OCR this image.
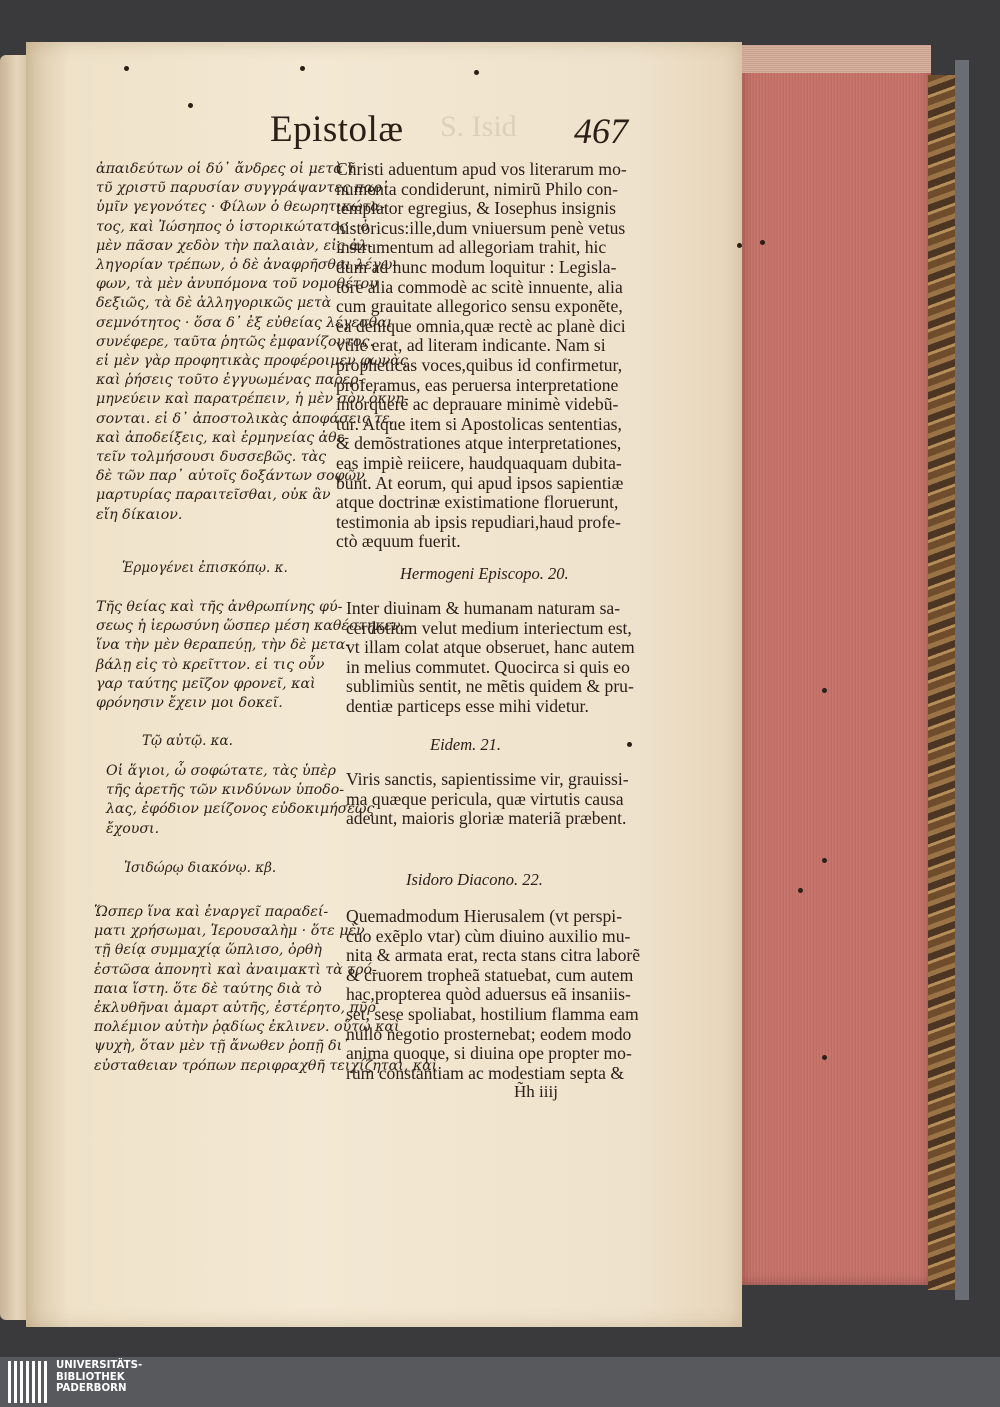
S. Isid

Epistolæ	467

ἀπαιδεύτων οἱ δύ᾽ ἄνδρες οἱ μετὰ τ̃

τῦ χριστῦ παρυσίαν συγγράψαντες παρ᾽

ὑμῖν γεγονότες · Φίλων ὁ θεωρητικώτα-

τος, καὶ Ἰώσηπος ὁ ἱστορικώτατος · ὁ

μὲν πᾶσαν χεδὸν τὴν παλαιὰν, εἰς ἀλ-

ληγορίαν τρέπων, ὁ δὲ ἀναφρῆσθαι λέγω-

φων, τὰ μὲν ἀνυπόμονα τοῦ νομοθέτου

δεξιῶς, τὰ δὲ ἀλληγορικῶς μετὰ

σεμνότητος · ὅσα δ᾽ ἐξ εὐθείας λέγεσθαι

συνέφερε, ταῦτα ῥητῶς ἐμφανίζοντος.

εἰ μὲν γὰρ προφητικὰς προφέροιμεν φωνὰς

καὶ ῥήσεις τοῦτο ἐγγυωμένας παρερ-

μηνεύειν καὶ παρατρέπειν, ἡ μὲν σὸν ὀκνη-

σονται. εἰ δ᾽ ἀποστολικὰς ἀποφάσεις τε,

καὶ ἀποδείξεις, καὶ ἑρμηνείας ἀθε-

τεῖν τολμήσουσι δυσσεβῶς. τὰς

δὲ τῶν παρ᾽ αὐτοῖς δοξάντων σοφῶν

μαρτυρίας παραιτεῖσθαι, οὐκ ἂν

εἴη δίκαιον.

Ἑρμογένει ἐπισκόπῳ. κ.

Τῆς θείας καὶ τῆς ἀνθρωπίνης φύ-

σεως ἡ ἱερωσύνη ὥσπερ μέση καθέστηκεν,

ἵνα τὴν μὲν θεραπεύῃ, τὴν δὲ μετα-

βάλῃ εἰς τὸ κρεῖττον. εἰ τις οὖν

γαρ ταύτης μεῖζον φρονεῖ, καὶ

φρόνησιν ἔχειν μοι δοκεῖ.

Τῷ αὐτῷ. κα.

Οἱ ἅγιοι, ὦ σοφώτατε, τὰς ὑπὲρ

τῆς ἀρετῆς τῶν κινδύνων ὑποδο-

λας, ἐφόδιον μείζονος εὐδοκιμήσεως

ἔχουσι.

Ἰσιδώρῳ διακόνῳ. κβ.

Ὥσπερ ἵνα καὶ ἐναργεῖ παραδεί-

ματι χρήσωμαι, Ἱερουσαλὴμ · ὅτε μὲν

τῇ θείᾳ συμμαχίᾳ ὥπλισο, ὀρθὴ

ἑστῶσα ἀπονητὶ καὶ ἀναιμακτὶ τὰ τρό-

παια ἵστη. ὅτε δὲ ταύτης διὰ τὸ

ἐκλυθῆναι ἀμαρτ αὐτῆς, ἐστέρητο, πῦρ

πολέμιον αὐτὴν ῥᾳδίως ἐκλινεν. οὕτω καὶ

ψυχὴ, ὅταν μὲν τῇ ἄνωθεν ῥοπῇ δι᾽

εὐσταθειαν τρόπων περιφραχθῆ τειχίζηται, καὶ

Christi aduentum apud vos literarum mo-

numenta condiderunt, nimirũ Philo con-

templator egregius, & Iosephus insignis

historicus:ille,dum vniuersum penè vetus

instrumentum ad allegoriam trahit, hic

dum ad hunc modum loquitur : Legisla-

tore alia commodè ac scitè innuente, alia

cum grauitate allegorico sensu exponẽte,

ea denique omnia,quæ rectè ac planè dici

vtile erat, ad literam indicante. Nam si

propheticas voces,quibus id confirmetur,

proferamus, eas peruersa interpretatione

intorquere ac deprauare minimè videbũ-

tur. Atque item si Apostolicas sententias,

& demõstrationes atque interpretationes,

eas impiè reiicere, haudquaquam dubita-

bunt. At eorum, qui apud ipsos sapientiæ

atque doctrinæ existimatione floruerunt,

testimonia ab ipsis repudiari,haud profe-

ctò æquum fuerit.

Hermogeni Episcopo. 20.

Inter diuinam & humanam naturam sa-

cerdotium velut medium interiectum est,

vt illam colat atque obseruet, hanc autem

in melius commutet. Quocirca si quis eo

sublimiùs sentit, ne mẽtis quidem & pru-

dentiæ particeps esse mihi videtur.

Eidem. 21.

Viris sanctis, sapientissime vir, grauissi-

ma quæque pericula, quæ virtutis causa

adeunt, maioris gloriæ materiã præbent.

Isidoro Diacono. 22.

Quemadmodum Hierusalem (vt perspi-

cuo exẽplo vtar) cùm diuino auxilio mu-

nita & armata erat, recta stans citra laborẽ

& cruorem tropheã statuebat, cum autem

hac,propterea quòd aduersus eã insaniis-

set, sese spoliabat, hostilium flamma eam

nullo negotio prosternebat; eodem modo

anima quoque, si diuina ope propter mo-

rum constantiam ac modestiam septa &

H̃h iiij

UNIVERSITÄTS-
BIBLIOTHEK
PADERBORN
